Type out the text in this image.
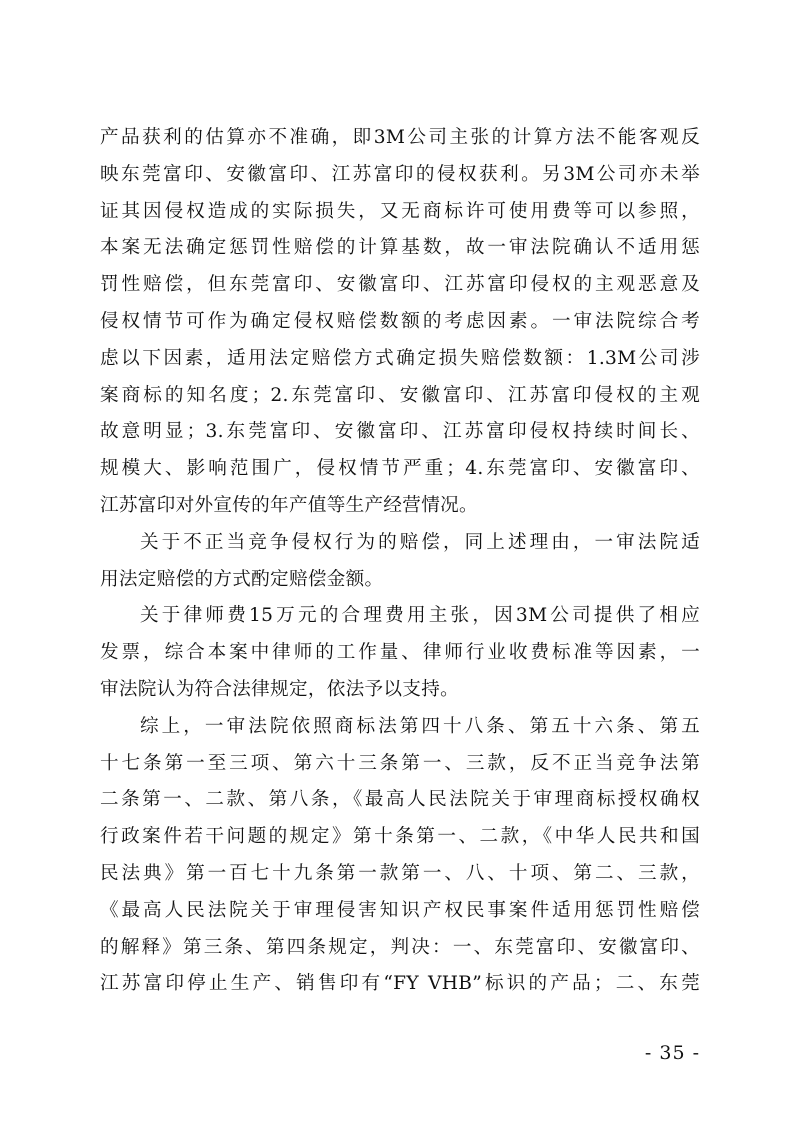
产品获利的估算亦不准确，即3M公司主张的计算方法不能客观反
映东莞富印、安徽富印、江苏富印的侵权获利。另3M公司亦未举
证其因侵权造成的实际损失，又无商标许可使用费等可以参照，
本案无法确定惩罚性赔偿的计算基数，故一审法院确认不适用惩
罚性赔偿，但东莞富印、安徽富印、江苏富印侵权的主观恶意及
侵权情节可作为确定侵权赔偿数额的考虑因素。一审法院综合考
虑以下因素，适用法定赔偿方式确定损失赔偿数额：1.3M公司涉
案商标的知名度；2.东莞富印、安徽富印、江苏富印侵权的主观
故意明显；3.东莞富印、安徽富印、江苏富印侵权持续时间长、
规模大、影响范围广，侵权情节严重；4.东莞富印、安徽富印、
江苏富印对外宣传的年产值等生产经营情况。
关于不正当竞争侵权行为的赔偿，同上述理由，一审法院适
用法定赔偿的方式酌定赔偿金额。
关于律师费15万元的合理费用主张，因3M公司提供了相应
发票，综合本案中律师的工作量、律师行业收费标准等因素，一
审法院认为符合法律规定，依法予以支持。
综上，一审法院依照商标法第四十八条、第五十六条、第五
十七条第一至三项、第六十三条第一、三款，反不正当竞争法第
二条第一、二款、第八条，《最高人民法院关于审理商标授权确权
行政案件若干问题的规定》第十条第一、二款，《中华人民共和国
民法典》第一百七十九条第一款第一、八、十项、第二、三款，
《最高人民法院关于审理侵害知识产权民事案件适用惩罚性赔偿
的解释》第三条、第四条规定，判决：一、东莞富印、安徽富印、
江苏富印停止生产、销售印有“FY VHB”标识的产品；二、东莞
- 35 -
